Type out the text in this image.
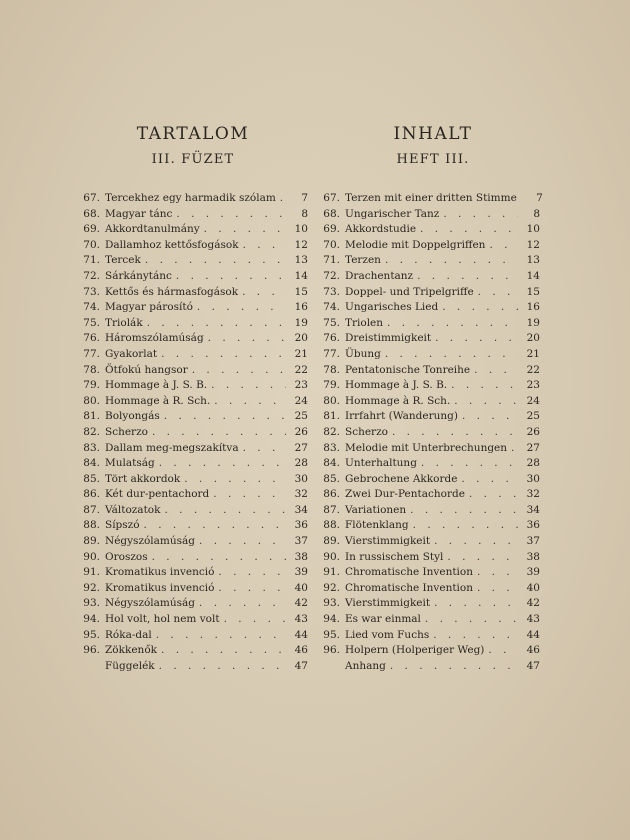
TARTALOM
III. FÜZET
67. Tercekhez egy harmadik szólam . . .	7
68. Magyar tánc . . .	8
69. Akkordtanulmány . . .	10
70. Dallamhoz kettősfogások . . .	12
71. Tercek . . .	13
72. Sárkánytánc . . .	14
73. Kettős és hármasfogások . . .	15
74. Magyar párosító . . .	16
75. Triolák . . .	19
76. Háromszólamúság . . .	20
77. Gyakorlat . . .	21
78. Ötfokú hangsor . . .	22
79. Hommage à J. S. B. . . .	23
80. Hommage à R. Sch. . . .	24
81. Bolyongás . . .	25
82. Scherzo . . .	26
83. Dallam meg-megszakítva . . .	27
84. Mulatság . . .	28
85. Tört akkordok . . .	30
86. Két dur-pentachord . . .	32
87. Változatok . . .	34
88. Sípszó . . .	36
89. Négyszólamúság . . .	37
90. Oroszos . . .	38
91. Kromatikus invenció . . .	39
92. Kromatikus invenció . . .	40
93. Négyszólamúság . . .	42
94. Hol volt, hol nem volt . . .	43
95. Róka-dal . . .	44
96. Zökkenők . . .	46
Függelék . . .	47
INHALT
HEFT III.
67. Terzen mit einer dritten Stimme	7
68. Ungarischer Tanz . . .	8
69. Akkordstudie . . .	10
70. Melodie mit Doppelgriffen . . .	12
71. Terzen . . .	13
72. Drachentanz . . .	14
73. Doppel- und Tripelgriffe . . .	15
74. Ungarisches Lied . . .	16
75. Triolen . . .	19
76. Dreistimmigkeit . . .	20
77. Übung . . .	21
78. Pentatonische Tonreihe . . .	22
79. Hommage à J. S. B. . . .	23
80. Hommage à R. Sch. . . .	24
81. Irrfahrt (Wanderung) . . .	25
82. Scherzo . . .	26
83. Melodie mit Unterbrechungen . . .	27
84. Unterhaltung . . .	28
85. Gebrochene Akkorde . . .	30
86. Zwei Dur-Pentachorde . . .	32
87. Variationen . . .	34
88. Flötenklang . . .	36
89. Vierstimmigkeit . . .	37
90. In russischem Styl . . .	38
91. Chromatische Invention . . .	39
92. Chromatische Invention . . .	40
93. Vierstimmigkeit . . .	42
94. Es war einmal . . .	43
95. Lied vom Fuchs . . .	44
96. Holpern (Holperiger Weg) . . .	46
Anhang . . .	47
